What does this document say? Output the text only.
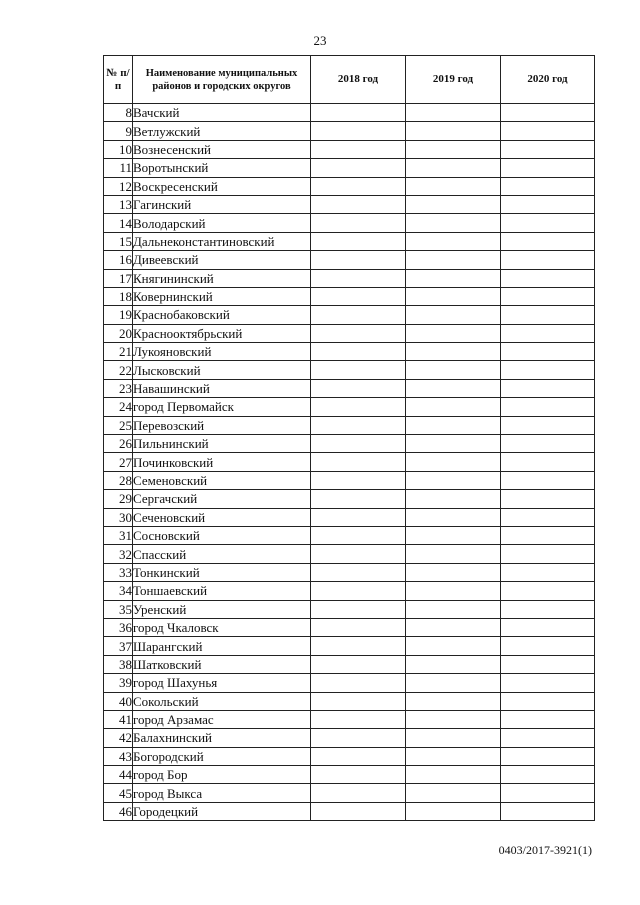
23
№ п/п	Наименование муниципальных районов и городских округов	2018 год	2019 год	2020 год
8	Вачский			
9	Ветлужский			
10	Вознесенский			
11	Воротынский			
12	Воскресенский			
13	Гагинский			
14	Володарский			
15	Дальнеконстантиновский			
16	Дивеевский			
17	Княгининский			
18	Ковернинский			
19	Краснобаковский			
20	Краснооктябрьский			
21	Лукояновский			
22	Лысковский			
23	Навашинский			
24	город Первомайск			
25	Перевозский			
26	Пильнинский			
27	Починковский			
28	Семеновский			
29	Сергачский			
30	Сеченовский			
31	Сосновский			
32	Спасский			
33	Тонкинский			
34	Тоншаевский			
35	Уренский			
36	город Чкаловск			
37	Шарангский			
38	Шатковский			
39	город Шахунья			
40	Сокольский			
41	город Арзамас			
42	Балахнинский			
43	Богородский			
44	город Бор			
45	город Выкса			
46	Городецкий			
0403/2017-3921(1)
